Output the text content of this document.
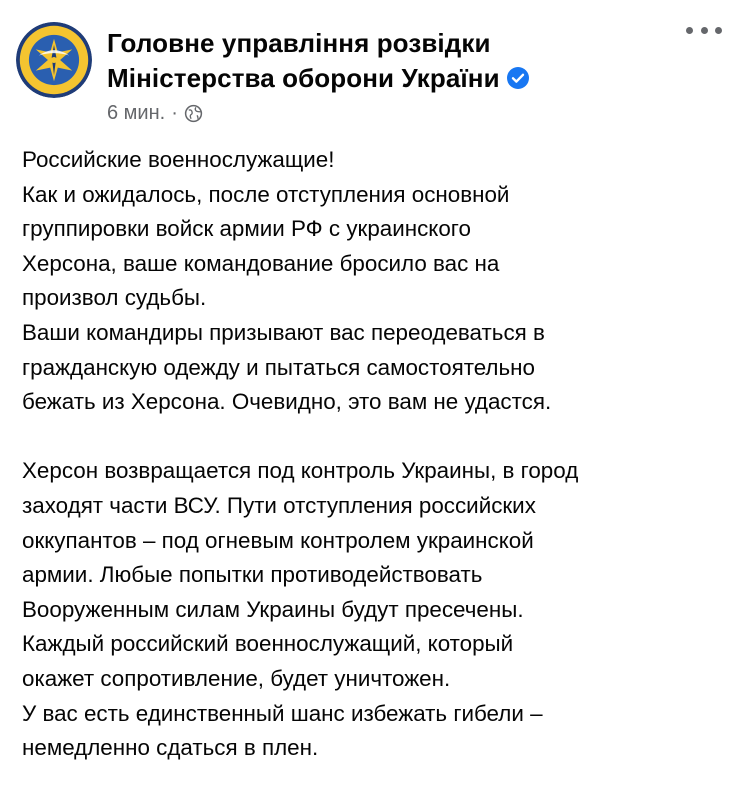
Головне управління розвідки
Міністерства оборони України
6 мин. ·

Российские военнослужащие!

Как и ожидалось, после отступления основной

группировки войск армии РФ с украинского

Херсона, ваше командование бросило вас на

произвол судьбы.

Ваши командиры призывают вас переодеваться в

гражданскую одежду и пытаться самостоятельно

бежать из Херсона. Очевидно, это вам не удастся.

Херсон возвращается под контроль Украины, в город

заходят части ВСУ. Пути отступления российских

оккупантов – под огневым контролем украинской

армии. Любые попытки противодействовать

Вооруженным силам Украины будут пресечены.

Каждый российский военнослужащий, который

окажет сопротивление, будет уничтожен.

У вас есть единственный шанс избежать гибели –

немедленно сдаться в плен.
